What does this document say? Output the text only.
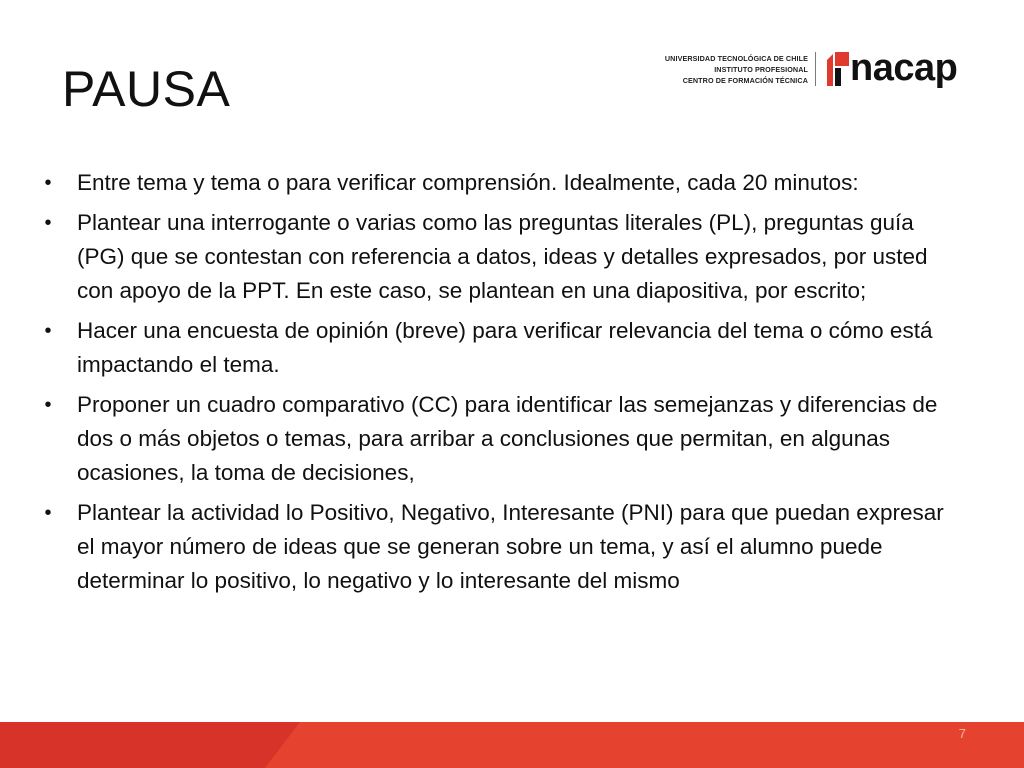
PAUSA
UNIVERSIDAD TECNOLÓGICA DE CHILE
INSTITUTO PROFESIONAL
CENTRO DE FORMACIÓN TÉCNICA nacap
• Entre tema y tema o para verificar comprensión. Idealmente, cada 20 minutos:
• Plantear una interrogante o varias como las preguntas literales (PL), preguntas guía (PG) que se contestan con referencia a datos, ideas y detalles expresados, por usted con apoyo de la PPT. En este caso, se plantean en una diapositiva, por escrito;
• Hacer una encuesta de opinión (breve) para verificar relevancia del tema o cómo está impactando el tema.
• Proponer un cuadro comparativo (CC) para identificar las semejanzas y diferencias de dos o más objetos o temas, para arribar a conclusiones que permitan, en algunas ocasiones, la toma de decisiones,
• Plantear la actividad lo Positivo, Negativo, Interesante (PNI) para que puedan expresar el mayor número de ideas que se generan sobre un tema, y así el alumno puede determinar lo positivo, lo negativo y lo interesante del mismo
7
